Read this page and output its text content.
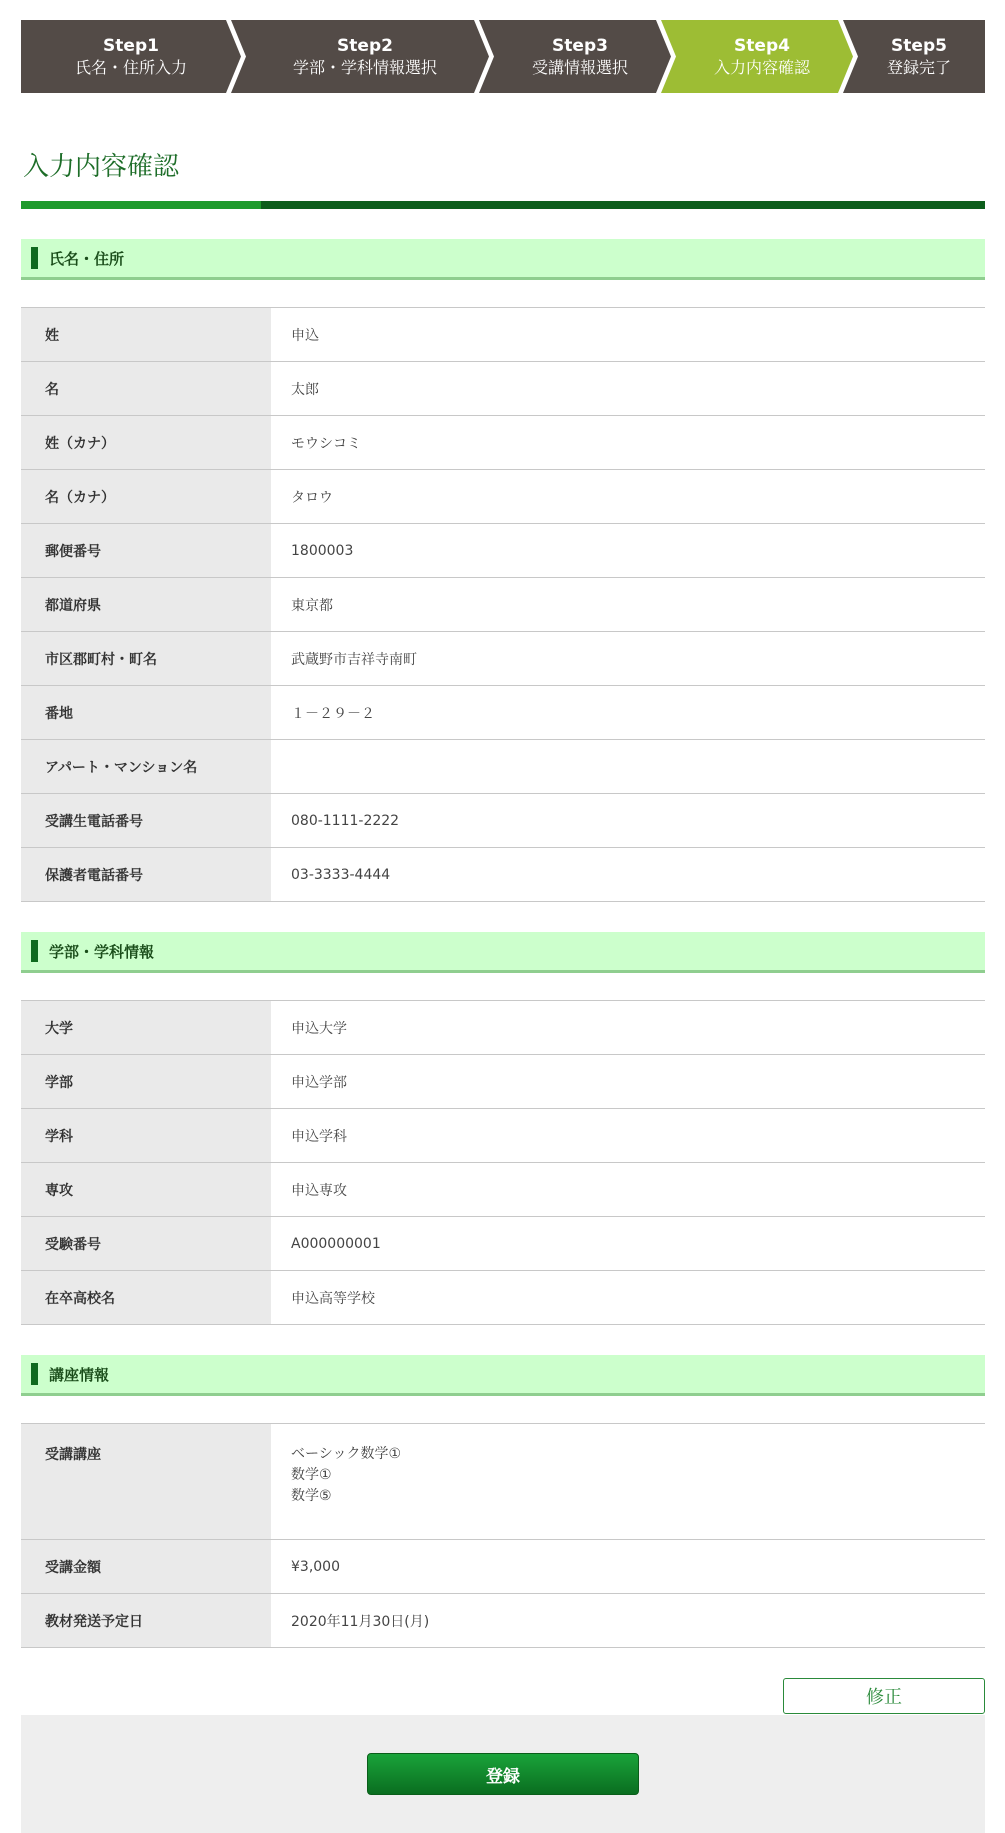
Step1
氏名・住所入力
Step2
学部・学科情報選択
Step3
受講情報選択
Step4
入力内容確認
Step5
登録完了
入力内容確認
氏名・住所
姓	申込
名	太郎
姓（カナ）	モウシコミ
名（カナ）	タロウ
郵便番号	1800003
都道府県	東京都
市区郡町村・町名	武蔵野市吉祥寺南町
番地	１－２９－２
アパート・マンション名	
受講生電話番号	080-1111-2222
保護者電話番号	03-3333-4444
学部・学科情報
大学	申込大学
学部	申込学部
学科	申込学科
専攻	申込専攻
受験番号	A000000001
在卒高校名	申込高等学校
講座情報
受講講座	ベーシック数学①
数学①
数学⑤

受講金額	¥3,000
教材発送予定日	2020年11月30日(月)
修正
登録
